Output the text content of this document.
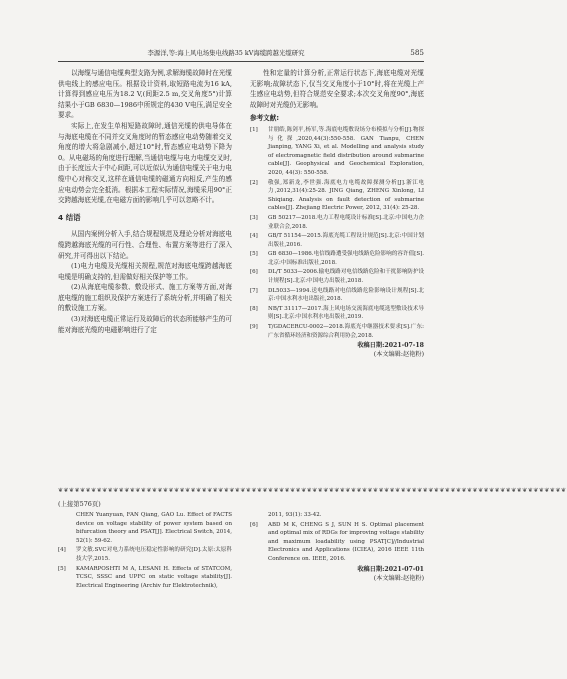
李源洋,等:海上风电场集电线路35 kV海缆跨越光缆研究	585

以海缆与通信电缆典型支路为例,求解海缆故障时在光缆供电线上的感应电压。根据设计资料,取短路电流为16 kA,计算得到感应电压为18.2 V,(间距2.5 m,交叉角度5°)计算结果小于GB 6830—1986中所规定的430 V电压,满足安全要求。

实际上,在发生单相短路故障时,通信光缆的供电导体在与海底电缆在不同并交叉角度时的暂态感应电动势随着交叉角度的增大将急剧减小,超过10°时,暂态感应电动势下降为0。从电磁场的角度进行理解,当通信电缆与电力电缆交叉时,由于长度远大于中心间距,可以近似认为通信电缆关于电力电缆中心对称交叉,这样在通信电缆的磁通方向相反,产生的感应电动势会完全抵消。根据本工程实际情况,海缆采用90°正交跨越海底光缆,在电磁方面的影响几乎可以忽略不计。

4 结语

从国内案例分析入手,结合规程规范及理论分析对海底电缆跨越海底光缆的可行性、合理性、布置方案等进行了深入研究,并可得出以下结论。

(1)电力电缆及光缆相关规程,规范对海底电缆跨越海底电缆是明确支持的,但需做好相关保护等工作。

(2)从海底电缆参数、敷设形式、施工方案等方面,对海底电缆的施工组织及保护方案进行了系统分析,并明确了相关的敷设施工方案。

(3)对海底电缆正常运行及故障后的状态所能够产生的可能对海底光缆的电磁影响进行了定

性和定量的计算分析,正常运行状态下,海底电缆对光缆无影响;故障状态下,仅当交叉角度小于10°时,将在光缆上产生感应电动势,但符合规范安全要求;本次交叉角度90°,海底故障时对光缆仍无影响。

参考文献:
[1]	甘朋皓,陈剑平,杨军,等.海底电缆敷设场分布模拟与分析[J].物探与化探,2020,44(3):550-558. GAN Tianpu, CHEN Jianping, YANG Xi, et al. Modelling and analysis study of electromagnetic field distribution around submarine cable[J]. Geophysical and Geochemical Exploration, 2020, 44(3): 550-558.
[2]	敬强,郑新龙,李世强.海底电力电缆故障探测分析[J].浙江电力,2012,31(4):25-28. JING Qiang, ZHENG Xinlong, LI Shiqiang. Analysis on fault detection of submarine cables[J]. Zhejiang Electric Power, 2012, 31(4): 25-28.
[3]	GB 50217—2018.电力工程电缆设计标准[S].北京:中国电力企业联合会,2018.
[4]	GB/T 51154—2015.海底光缆工程设计规范[S].北京:中国计划出版社,2016.
[5]	GB 6830—1986.电信线路遭受强电线路危险影响的容许值[S].北京:中国标准出版社,2018.
[6]	DL/T 5033—2006.输电线路对电信线路危险和干扰影响防护设计规程[S].北京:中国电力出版社,2018.
[7]	DL5033—1994.送电线路对电信线路危险影响设计规程[S].北京:中国水利水电出版社,2018.
[8]	NB/T 31117—2017.海上风电场交流海底电缆选型敷设技术导则[S].北京:中国水利水电出版社,2019.
[9]	T/GDACERCU-0002—2018.海底光中继器技术要求[S].广东:广东省循环经济和资源综合利用协会,2018.
收稿日期:2021-07-18
(本文编辑:赵艳粉)
❦❦❦❦❦❦❦❦❦❦❦❦❦❦❦❦❦❦❦❦❦❦❦❦❦❦❦❦❦❦❦❦❦❦❦❦❦❦❦❦❦❦❦❦❦❦❦❦❦❦❦❦❦❦❦❦❦❦❦❦❦❦❦❦❦❦❦❦❦❦❦❦❦❦❦❦❦❦❦❦❦❦❦❦❦❦❦❦❦❦❦❦
(上接第576页)
CHEN Yuanyuan, FAN Qiang, GAO Lu. Effect of FACTS device on voltage stability of power system based on bifurcation theory and PSAT[J]. Electrical Switch, 2014, 52(1): 59-62.
[4]	罗文敏.SVC对电力系统电压稳定性影响的研究[D].太原:太原科技大学,2015.
[5]	KAMARPOSHTI M A, LESANI H. Effects of STATCOM, TCSC, SSSC and UPFC on static voltage stability[J]. Electrical Engineering (Archiv fur Elektrotechnik),
2011, 93(1): 33-42.
[6]	ABD M K, CHENG S J, SUN H S. Optimal placement and optimal mix of RDGs for improving voltage stability and maximum loadability using PSAT[C]//Industrial Electronics and Applications (ICIEA), 2016 IEEE 11th Conference on. IEEE, 2016.
收稿日期:2021-07-01
(本文编辑:赵艳粉)
